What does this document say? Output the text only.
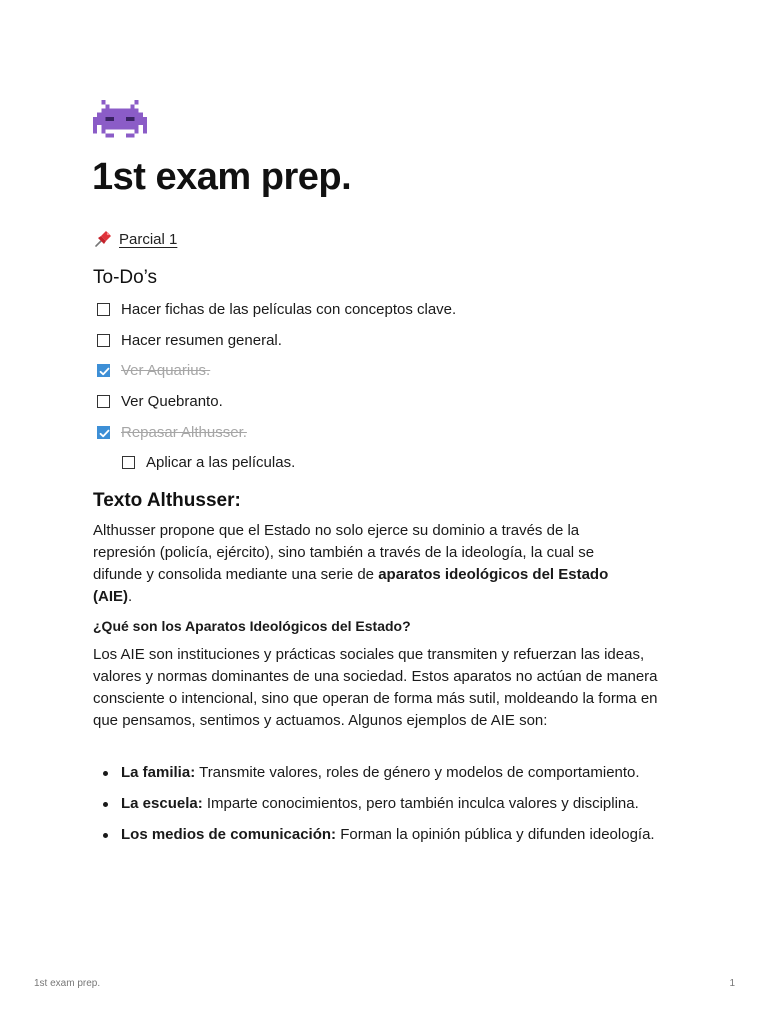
1st exam prep.
Parcial 1
To-Do’s
Hacer fichas de las películas con conceptos clave.
Hacer resumen general.
Ver Aquarius.
Ver Quebranto.
Repasar Althusser.
Aplicar a las películas.
Texto Althusser:

Althusser propone que el Estado no solo ejerce su dominio a través de la
represión (policía, ejército), sino también a través de la ideología, la cual se
difunde y consolida mediante una serie de aparatos ideológicos del Estado
(AIE).

¿Qué son los Aparatos Ideológicos del Estado?

Los AIE son instituciones y prácticas sociales que transmiten y refuerzan las ideas, valores y normas dominantes de una sociedad. Estos aparatos no actúan de manera consciente o intencional, sino que operan de forma más sutil, moldeando la forma en que pensamos, sentimos y actuamos. Algunos ejemplos de AIE son:

La familia: Transmite valores, roles de género y modelos de comportamiento.
La escuela: Imparte conocimientos, pero también inculca valores y disciplina.
Los medios de comunicación: Forman la opinión pública y difunden ideología.
1st exam prep.	1
